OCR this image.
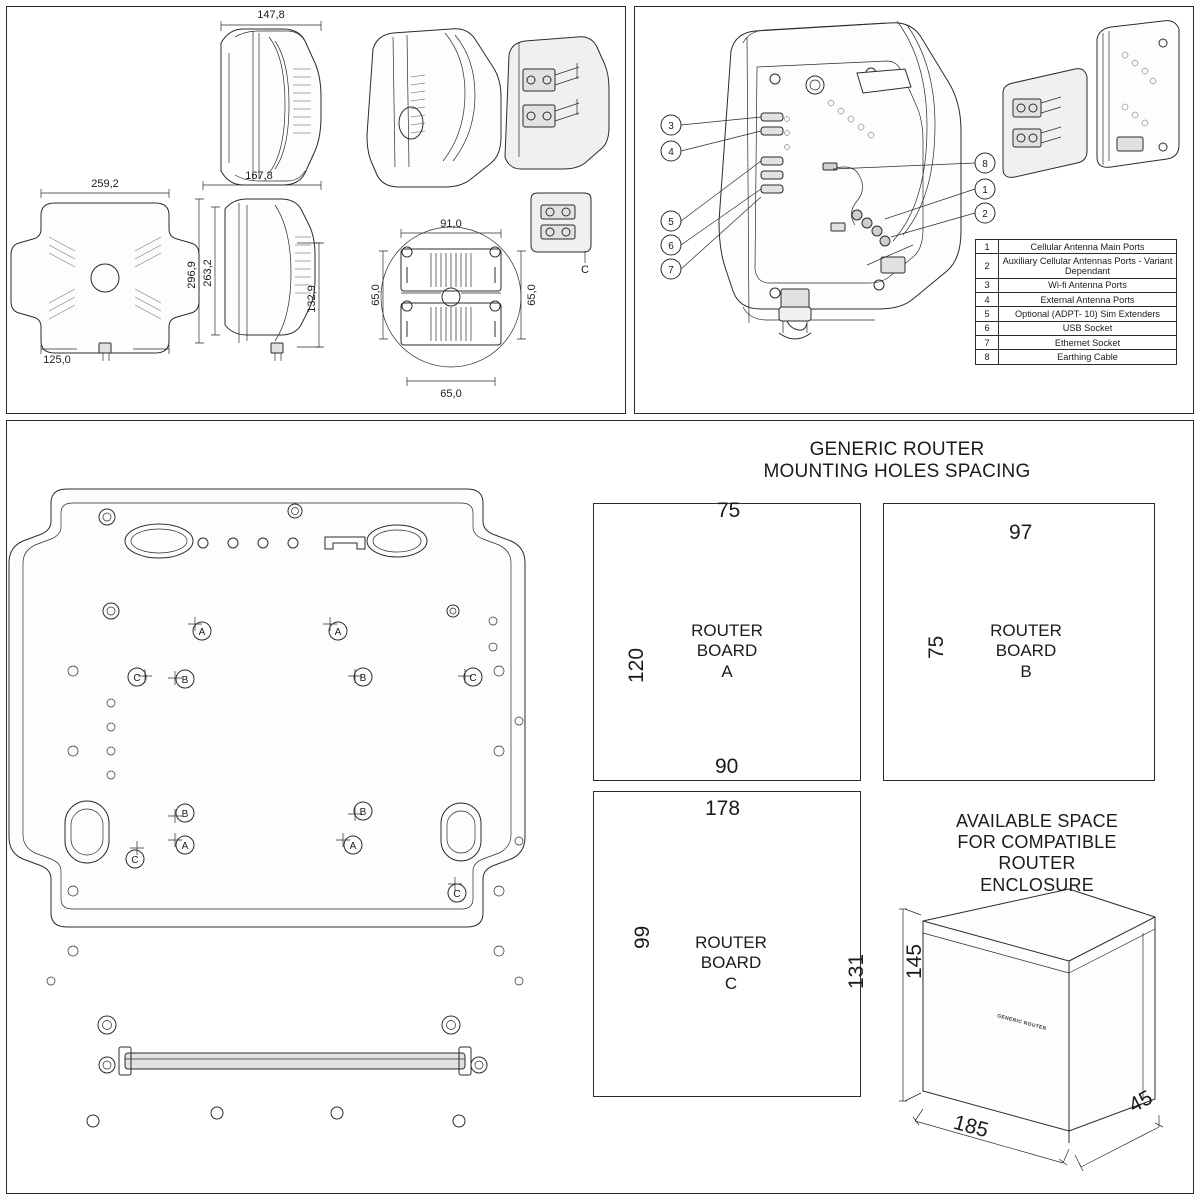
147,8
167,8
259,2
125,0
296,9 263,2
132,9
91,0
65,0	65,0
65,0
C
3
4
5
6
7
8
1
2
1	Cellular Antenna Main Ports
2	Auxiliary Cellular Antennas Ports - Variant Dependant
3	Wi-fi Antenna Ports
4	External Antenna Ports
5	Optional (ADPT- 10) Sim Extenders
6	USB Socket
7	Ethernet Socket
8	Earthing Cable
GENERIC ROUTER
MOUNTING HOLES SPACING
A	A
B	B
C	C
B	B
A	A
C
C
GENERIC ROUTER
ROUTER
BOARD
A
75
90
120
ROUTER
BOARD
B
97
75
ROUTER
BOARD
C
178
99
131
AVAILABLE SPACE
FOR COMPATIBLE
ROUTER
ENCLOSURE
145
185
45
